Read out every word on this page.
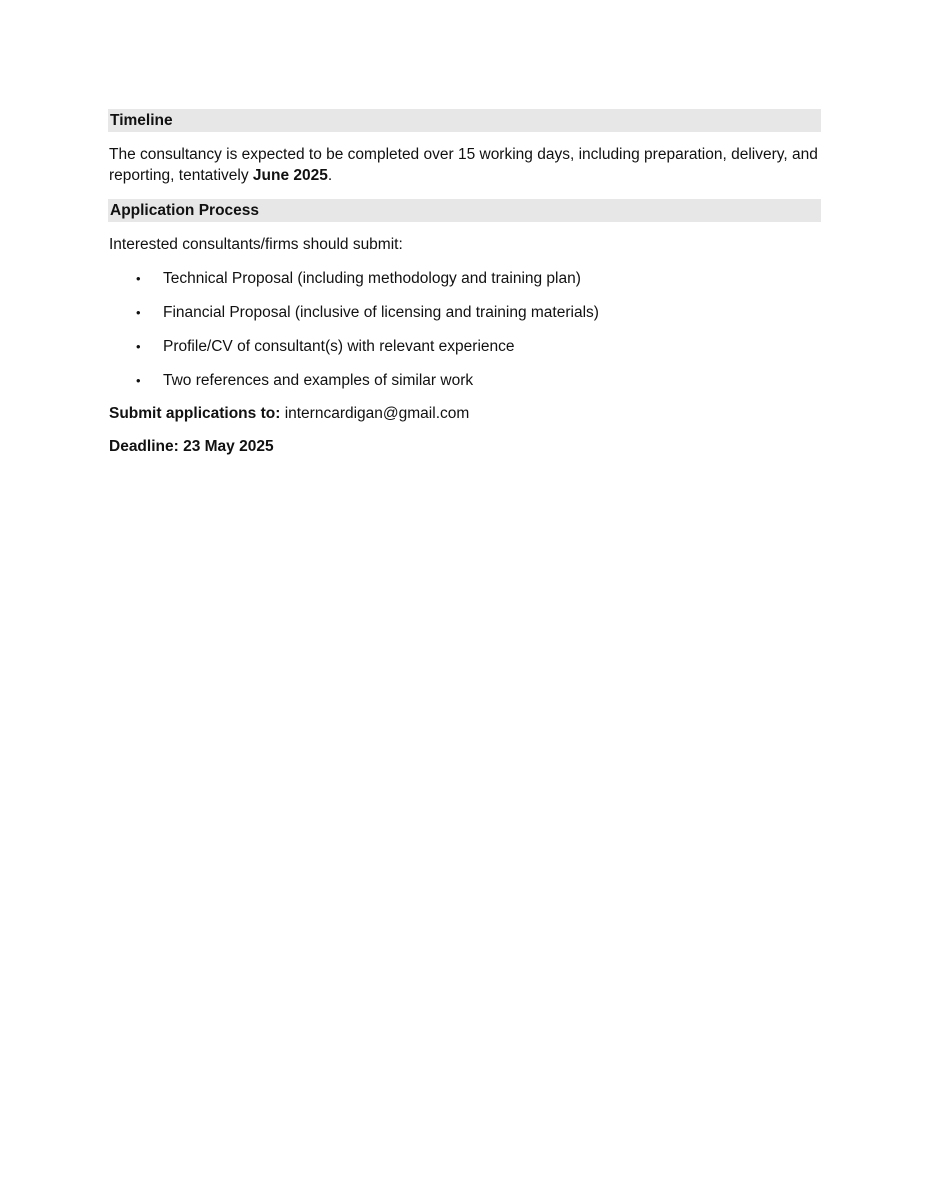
Timeline

The consultancy is expected to be completed over 15 working days, including preparation, delivery, and reporting, tentatively June 2025.

Application Process

Interested consultants/firms should submit:

• Technical Proposal (including methodology and training plan)
• Financial Proposal (inclusive of licensing and training materials)
• Profile/CV of consultant(s) with relevant experience
• Two references and examples of similar work

Submit applications to: interncardigan@gmail.com

Deadline: 23 May 2025
